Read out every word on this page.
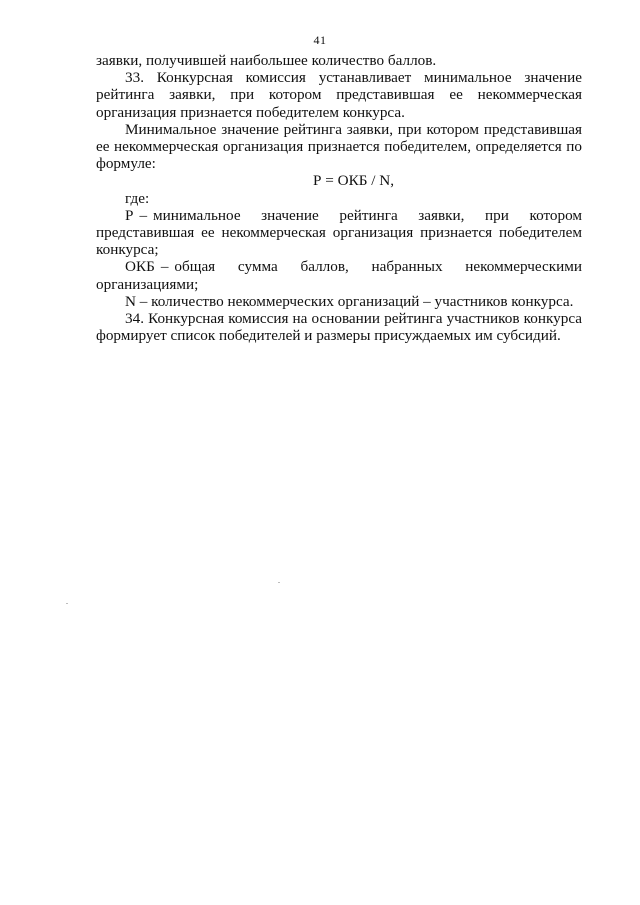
41

заявки, получившей наибольшее количество баллов.

33. Конкурсная комиссия устанавливает минимальное значение рейтинга заявки, при котором представившая ее некоммерческая организация признается победителем конкурса.

Минимальное значение рейтинга заявки, при котором представившая ее некоммерческая организация признается победителем, определяется по формуле:

Р = ОКБ / N,

где:

Р – минимальное значение рейтинга заявки, при котором представившая ее некоммерческая организация признается победителем конкурса;

ОКБ – общая сумма баллов, набранных некоммерческими организациями;

N – количество некоммерческих организаций – участников конкурса.

34. Конкурсная комиссия на основании рейтинга участников конкурса формирует список победителей и размеры присуждаемых им субсидий.
